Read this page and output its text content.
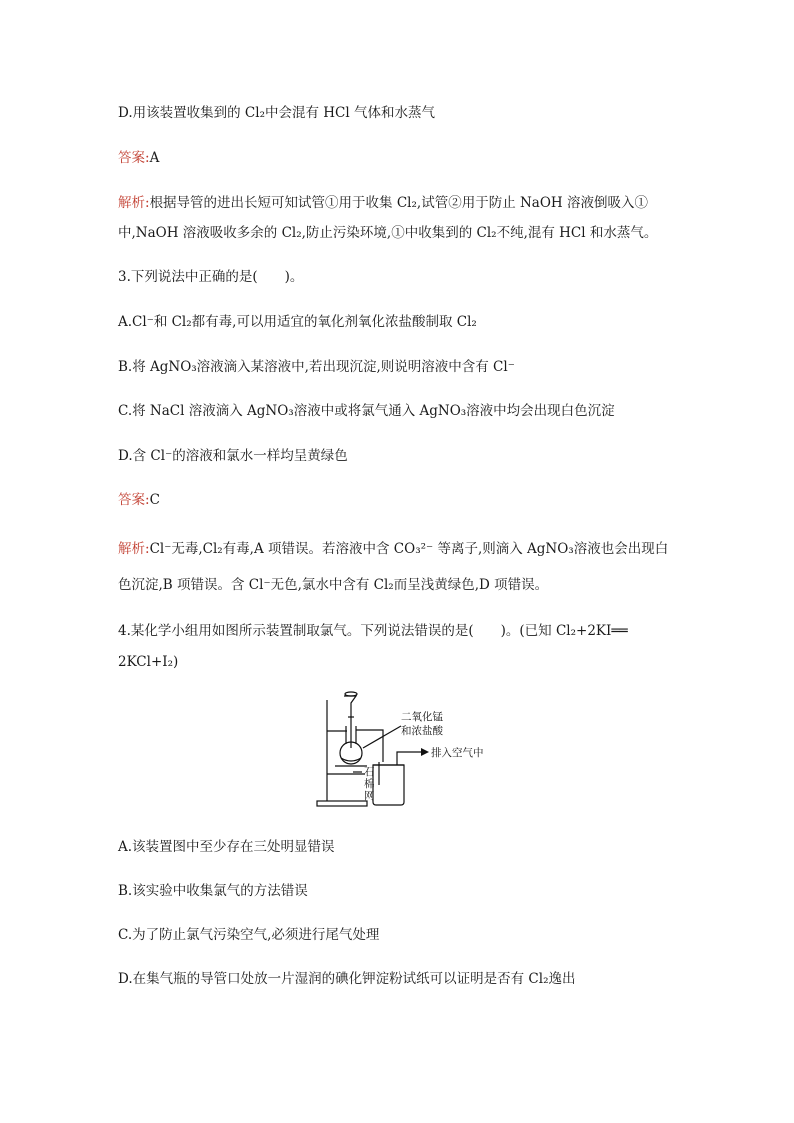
D.用该装置收集到的 Cl₂中会混有 HCl 气体和水蒸气
答案:A
解析:根据导管的进出长短可知试管①用于收集 Cl₂,试管②用于防止 NaOH 溶液倒吸入①
中,NaOH 溶液吸收多余的 Cl₂,防止污染环境,①中收集到的 Cl₂不纯,混有 HCl 和水蒸气。
3.下列说法中正确的是(　　)。
A.Cl⁻和 Cl₂都有毒,可以用适宜的氧化剂氧化浓盐酸制取 Cl₂
B.将 AgNO₃溶液滴入某溶液中,若出现沉淀,则说明溶液中含有 Cl⁻
C.将 NaCl 溶液滴入 AgNO₃溶液中或将氯气通入 AgNO₃溶液中均会出现白色沉淀
D.含 Cl⁻的溶液和氯水一样均呈黄绿色
答案:C
解析:Cl⁻无毒,Cl₂有毒,A 项错误。若溶液中含 CO₃²⁻ 等离子,则滴入 AgNO₃溶液也会出现白
色沉淀,B 项错误。含 Cl⁻无色,氯水中含有 Cl₂而呈浅黄绿色,D 项错误。
4.某化学小组用如图所示装置制取氯气。下列说法错误的是(　　)。(已知 Cl₂+2KI══
2KCl+I₂)
二氧化锰
和浓盐酸
排入空气中
石
棉
网
A.该装置图中至少存在三处明显错误
B.该实验中收集氯气的方法错误
C.为了防止氯气污染空气,必须进行尾气处理
D.在集气瓶的导管口处放一片湿润的碘化钾淀粉试纸可以证明是否有 Cl₂逸出
